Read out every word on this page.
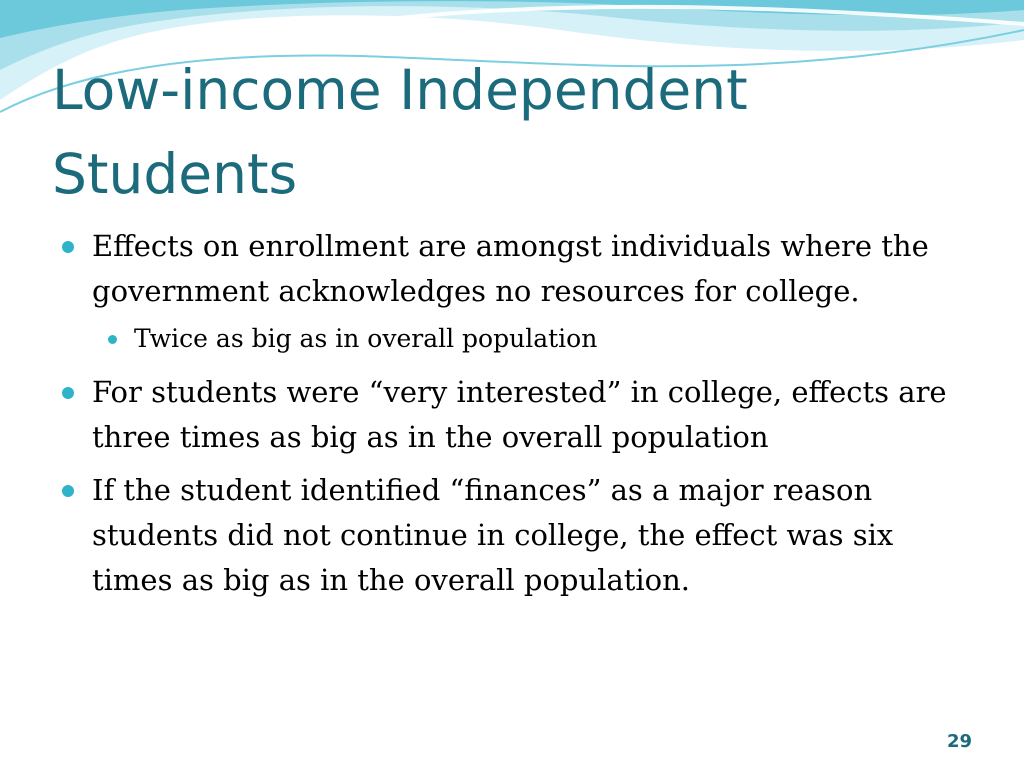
Low-income Independent Students
Effects on enrollment are amongst individuals where the government acknowledges no resources for college.
Twice as big as in overall population
For students were “very interested” in college, effects are three times as big as in the overall population
If the student identified “finances” as a major reason students did not continue in college, the effect was six times as big as in the overall population.
29
